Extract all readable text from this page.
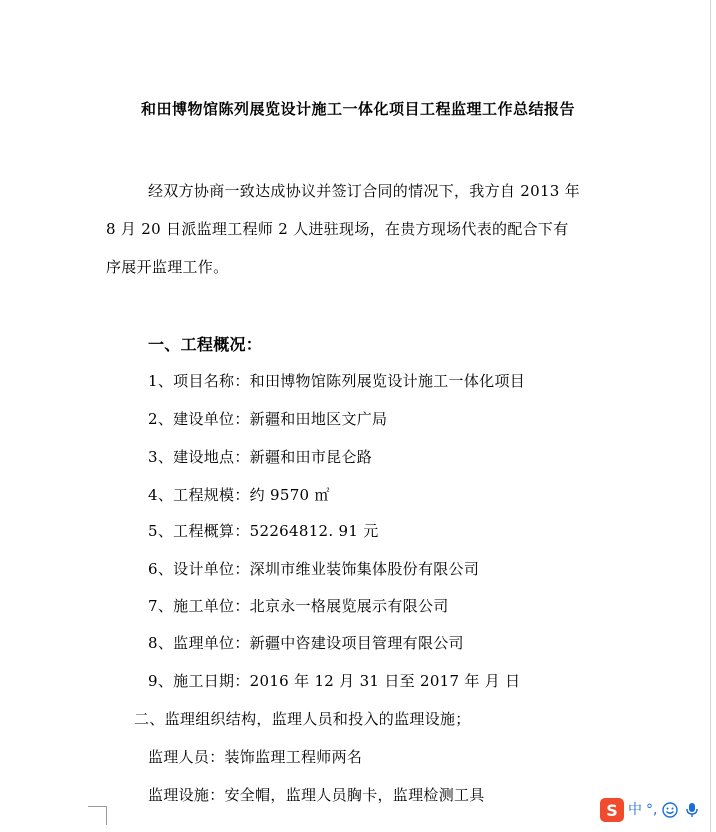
和田博物馆陈列展览设计施工一体化项目工程监理工作总结报告
经双方协商一致达成协议并签订合同的情况下，我方自 2013 年
8 月 20 日派监理工程师 2 人进驻现场，在贵方现场代表的配合下有
序展开监理工作。
一、工程概况：
1、项目名称：和田博物馆陈列展览设计施工一体化项目
2、建设单位：新疆和田地区文广局
3、建设地点：新疆和田市昆仑路
4、工程规模：约 9570 ㎡
5、工程概算：52264812. 91 元
6、设计单位：深圳市维业装饰集体股份有限公司
7、施工单位：北京永一格展览展示有限公司
8、监理单位：新疆中咨建设项目管理有限公司
9、施工日期：2016 年 12 月 31 日至 2017 年 月 日
二、监理组织结构，监理人员和投入的监理设施；
监理人员：装饰监理工程师两名
监理设施：安全帽，监理人员胸卡，监理检测工具
S 中 °,
